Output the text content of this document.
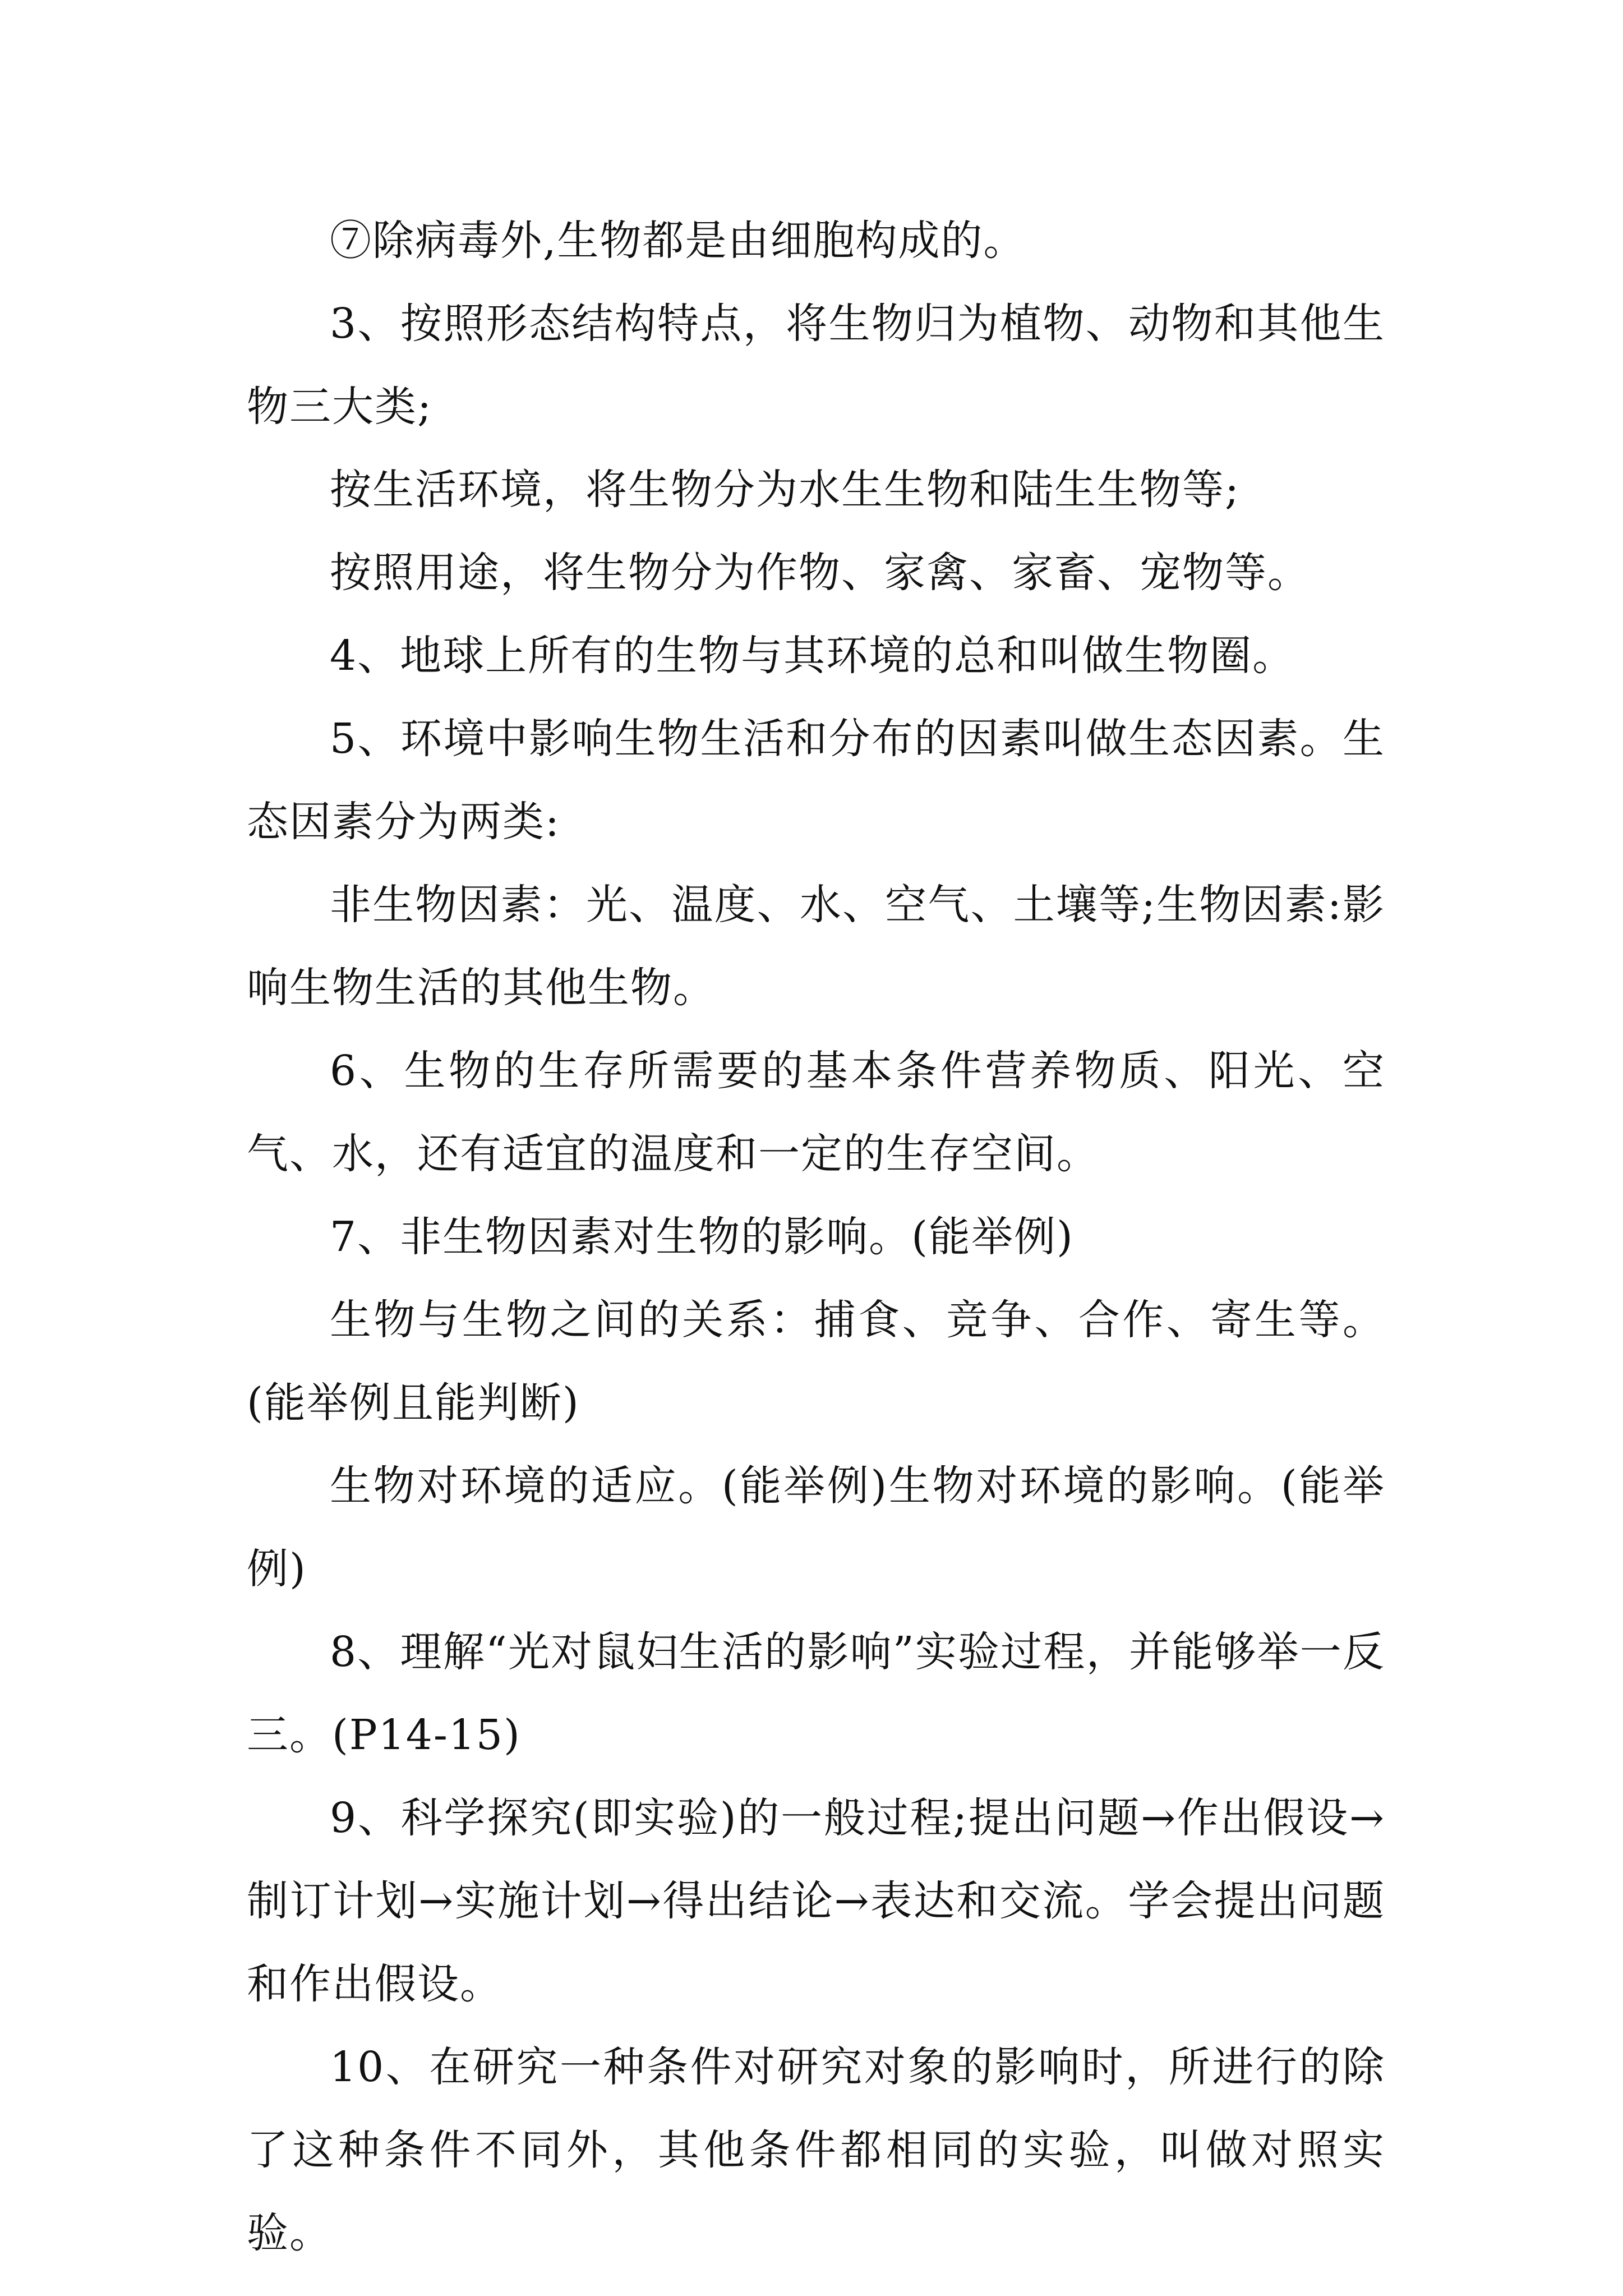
⑦除病毒外,生物都是由细胞构成的。

3、按照形态结构特点，将生物归为植物、动物和其他生物三大类;

按生活环境，将生物分为水生生物和陆生生物等;

按照用途，将生物分为作物、家禽、家畜、宠物等。

4、地球上所有的生物与其环境的总和叫做生物圈。

5、环境中影响生物生活和分布的因素叫做生态因素。生态因素分为两类:

非生物因素：光、温度、水、空气、土壤等;生物因素:影响生物生活的其他生物。

6、生物的生存所需要的基本条件营养物质、阳光、空气、水，还有适宜的温度和一定的生存空间。

7、非生物因素对生物的影响。(能举例)

生物与生物之间的关系：捕食、竞争、合作、寄生等。(能举例且能判断)

生物对环境的适应。(能举例)生物对环境的影响。(能举例)

8、理解“光对鼠妇生活的影响”实验过程，并能够举一反三。(P14-15)

9、科学探究(即实验)的一般过程;提出问题→作出假设→制订计划→实施计划→得出结论→表达和交流。学会提出问题和作出假设。

10、在研究一种条件对研究对象的影响时，所进行的除了这种条件不同外，其他条件都相同的实验，叫做对照实验。
